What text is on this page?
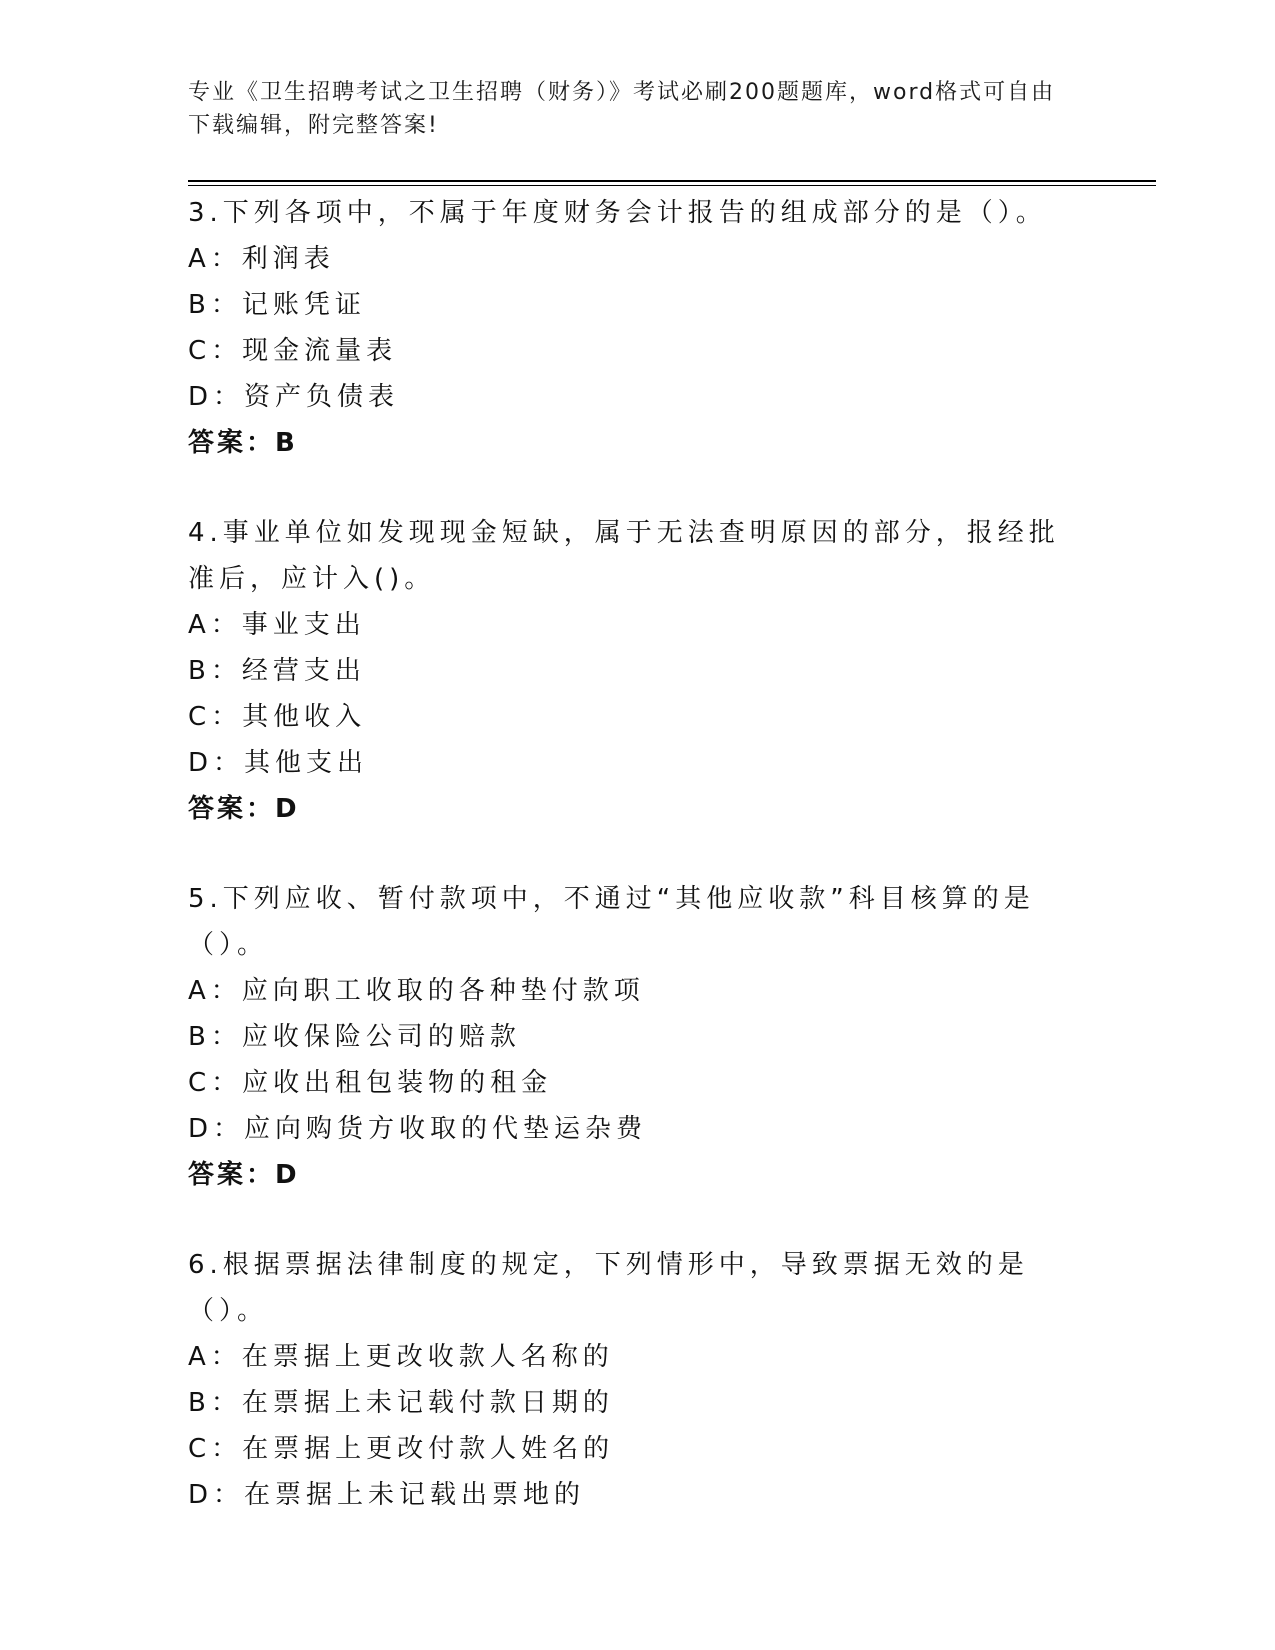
专业《卫生招聘考试之卫生招聘（财务）》考试必刷200题题库，word格式可自由下载编辑，附完整答案!
3.下列各项中，不属于年度财务会计报告的组成部分的是（）。
A：利润表
B：记账凭证
C：现金流量表
D：资产负债表
答案：B
4.事业单位如发现现金短缺，属于无法查明原因的部分，报经批准后，应计入()。
A：事业支出
B：经营支出
C：其他收入
D：其他支出
答案：D
5.下列应收、暂付款项中，不通过“其他应收款”科目核算的是（）。
A：应向职工收取的各种垫付款项
B：应收保险公司的赔款
C：应收出租包装物的租金
D：应向购货方收取的代垫运杂费
答案：D
6.根据票据法律制度的规定，下列情形中，导致票据无效的是（）。
A：在票据上更改收款人名称的
B：在票据上未记载付款日期的
C：在票据上更改付款人姓名的
D：在票据上未记载出票地的
